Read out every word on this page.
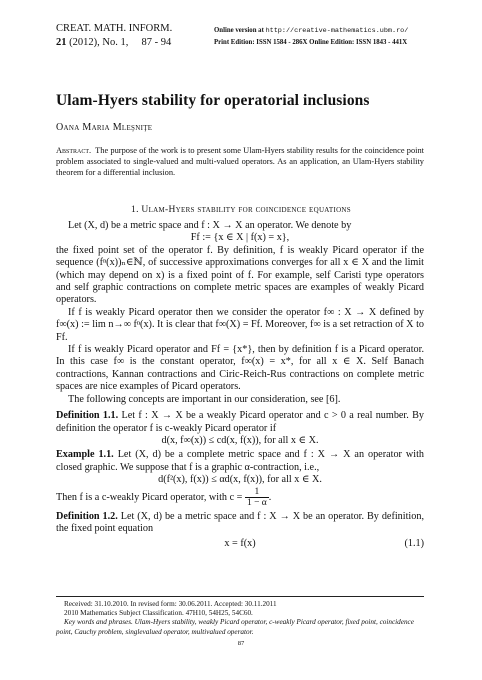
CREAT. MATH. INFORM.
21 (2012), No. 1, 87 - 94
Online version at http://creative-mathematics.ubm.ro/
Print Edition: ISSN 1584 - 286X Online Edition: ISSN 1843 - 441X
Ulam-Hyers stability for operatorial inclusions
Oana Maria Mleşniţe
Abstract. The purpose of the work is to present some Ulam-Hyers stability results for the coincidence point problem associated to single-valued and multi-valued operators. As an application, an Ulam-Hyers stability theorem for a differential inclusion.
1. Ulam-Hyers stability for coincidence equations

Let (X, d) be a metric space and f : X → X an operator. We denote by

Ff := {x ∈ X | f(x) = x},

the fixed point set of the operator f. By definition, f is weakly Picard operator if the sequence (fⁿ(x))ₙ∈ℕ, of successive approximations converges for all x ∈ X and the limit (which may depend on x) is a fixed point of f. For example, self Caristi type operators and self graphic contractions on complete metric spaces are examples of weakly Picard operators.

If f is weakly Picard operator then we consider the operator f∞ : X → X defined by f∞(x) := lim n→∞ fⁿ(x). It is clear that f∞(X) = Ff. Moreover, f∞ is a set retraction of X to Ff.

If f is weakly Picard operator and Ff = {x*}, then by definition f is a Picard operator. In this case f∞ is the constant operator, f∞(x) = x*, for all x ∈ X. Self Banach contractions, Kannan contractions and Ciric-Reich-Rus contractions on complete metric spaces are nice examples of Picard operators.

The following concepts are important in our consideration, see [6].

Definition 1.1. Let f : X → X be a weakly Picard operator and c > 0 a real number. By definition the operator f is c-weakly Picard operator if

d(x, f∞(x)) ≤ cd(x, f(x)), for all x ∈ X.

Example 1.1. Let (X, d) be a complete metric space and f : X → X an operator with closed graphic. We suppose that f is a graphic α-contraction, i.e.,

d(f²(x), f(x)) ≤ αd(x, f(x)), for all x ∈ X.

Then f is a c-weakly Picard operator, with $c = \frac{1}{1 - \alpha}$ .

Definition 1.2. Let (X, d) be a metric space and f : X → X be an operator. By definition, the fixed point equation

x = f(x)	(1.1)
Received: 31.10.2010. In revised form: 30.06.2011. Accepted: 30.11.2011
2010 Mathematics Subject Classification. 47H10, 54H25, 54C60.
Key words and phrases. Ulam-Hyers stability, weakly Picard operator, c-weakly Picard operator, fixed point, coincidence point, Cauchy problem, singlevalued operator, multivalued operator.
87
